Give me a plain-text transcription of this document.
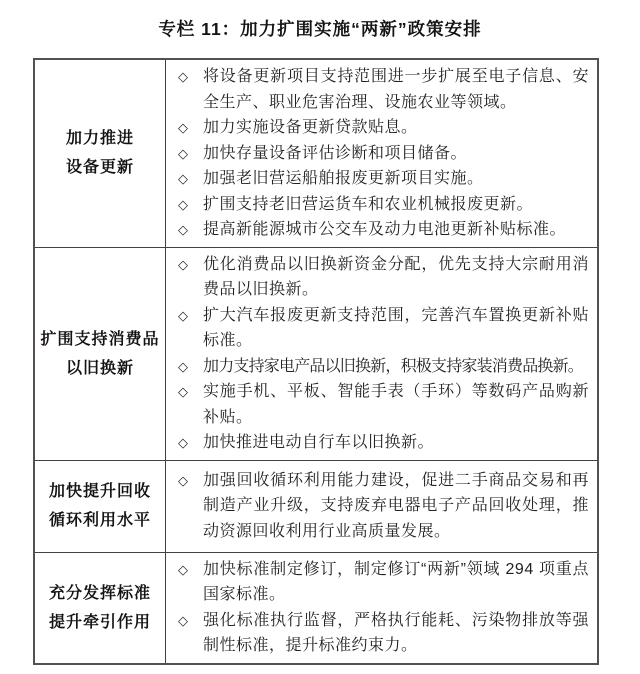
专栏 11：加力扩围实施“两新”政策安排
加力推进
设备更新

◇ 将设备更新项目支持范围进一步扩展至电子信息、安全生产、职业危害治理、设施农业等领域。
◇ 加力实施设备更新贷款贴息。
◇ 加快存量设备评估诊断和项目储备。
◇ 加强老旧营运船舶报废更新项目实施。
◇ 扩围支持老旧营运货车和农业机械报废更新。
◇ 提高新能源城市公交车及动力电池更新补贴标准。

扩围支持消费品
以旧换新

◇ 优化消费品以旧换新资金分配，优先支持大宗耐用消费品以旧换新。
◇ 扩大汽车报废更新支持范围，完善汽车置换更新补贴标准。
◇ 加力支持家电产品以旧换新，积极支持家装消费品换新。
◇ 实施手机、平板、智能手表（手环）等数码产品购新补贴。
◇ 加快推进电动自行车以旧换新。

加快提升回收
循环利用水平

◇ 加强回收循环利用能力建设，促进二手商品交易和再制造产业升级，支持废弃电器电子产品回收处理，推动资源回收利用行业高质量发展。

充分发挥标准
提升牵引作用

◇ 加快标准制定修订，制定修订“两新”领域 294 项重点国家标准。
◇ 强化标准执行监督，严格执行能耗、污染物排放等强制性标准，提升标准约束力。
